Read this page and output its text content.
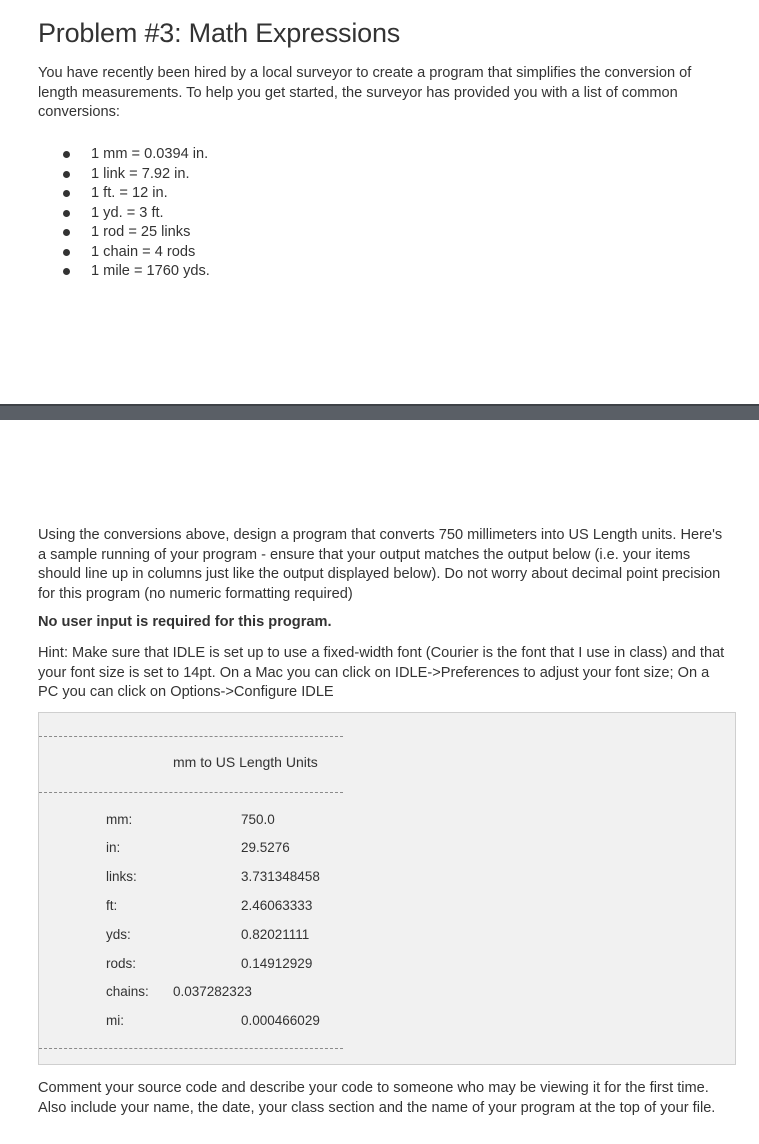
Problem #3: Math Expressions

You have recently been hired by a local surveyor to create a program that simplifies the conversion of length measurements. To help you get started, the surveyor has provided you with a list of common conversions:

1 mm = 0.0394 in.
1 link = 7.92 in.
1 ft. = 12 in.
1 yd. = 3 ft.
1 rod = 25 links
1 chain = 4 rods
1 mile = 1760 yds.

Using the conversions above, design a program that converts 750 millimeters into US Length units. Here's a sample running of your program - ensure that your output matches the output below (i.e. your items should line up in columns just like the output displayed below). Do not worry about decimal point precision for this program (no numeric formatting required)

No user input is required for this program.

Hint: Make sure that IDLE is set up to use a fixed-width font (Courier is the font that I use in class) and that your font size is set to 14pt. On a Mac you can click on IDLE->Preferences to adjust your font size; On a PC you can click on Options->Configure IDLE

mm to US Length Units
mm:	750.0
in:	29.5276
links:	3.731348458
ft:	2.46063333
yds:	0.82021111
rods:	0.14912929
chains: 0.037282323
mi:	0.000466029

Comment your source code and describe your code to someone who may be viewing it for the first time. Also include your name, the date, your class section and the name of your program at the top of your file.
